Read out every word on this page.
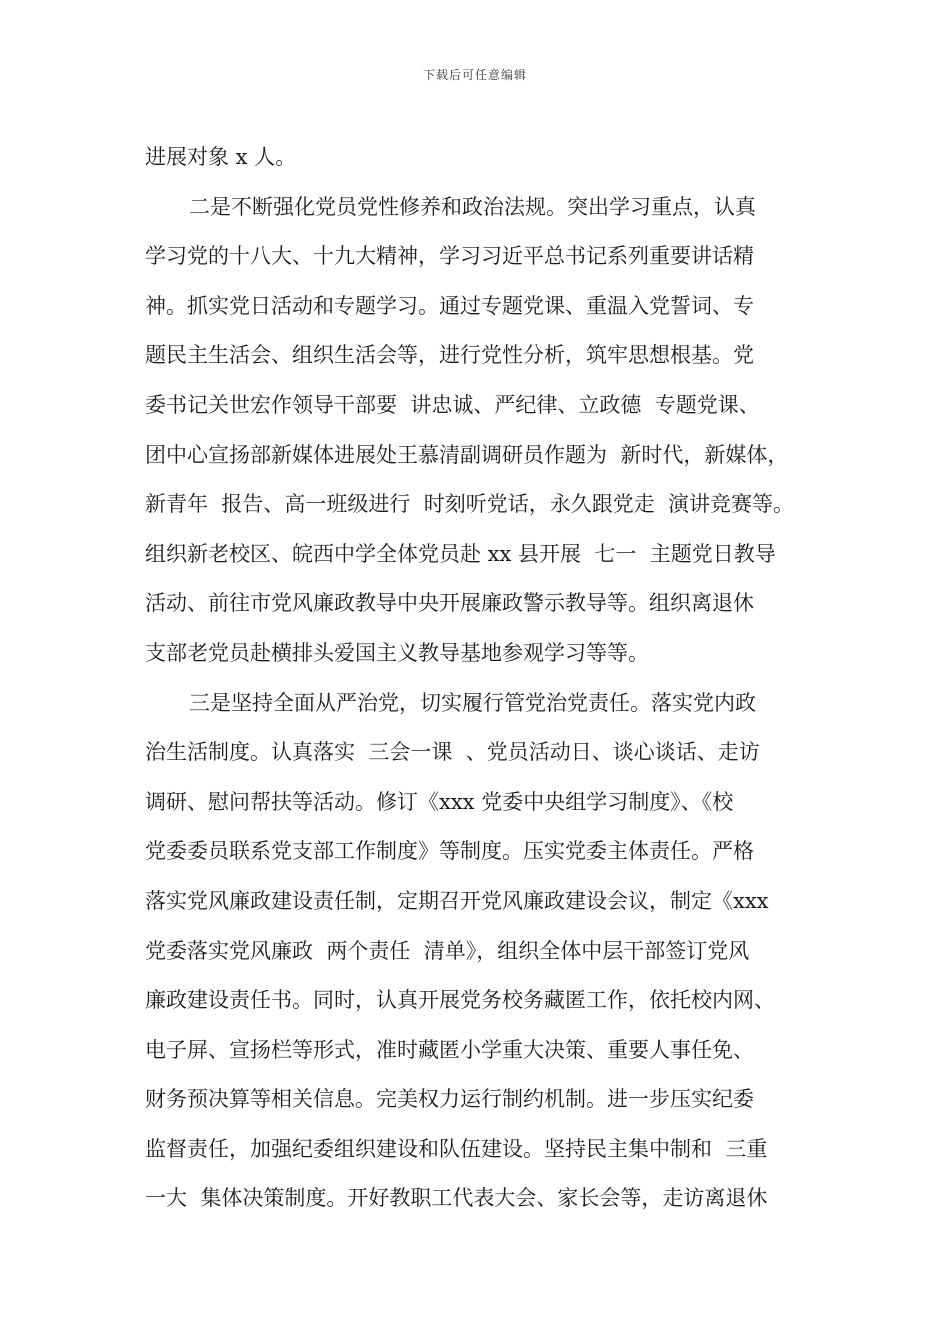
下载后可任意编辑
进展对象 x 人。
二是不断强化党员党性修养和政治法规。突出学习重点，认真
学习党的十八大、十九大精神，学习习近平总书记系列重要讲话精
神。抓实党日活动和专题学习。通过专题党课、重温入党誓词、专
题民主生活会、组织生活会等，进行党性分析，筑牢思想根基。党
委书记关世宏作领导干部要  讲忠诚、严纪律、立政德  专题党课、
团中心宣扬部新媒体进展处王慕清副调研员作题为  新时代，新媒体，
新青年  报告、高一班级进行  时刻听党话，永久跟党走  演讲竞赛等。
组织新老校区、皖西中学全体党员赴 xx 县开展  七一  主题党日教导
活动、前往市党风廉政教导中央开展廉政警示教导等。组织离退休
支部老党员赴横排头爱国主义教导基地参观学习等等。
三是坚持全面从严治党，切实履行管党治党责任。落实党内政
治生活制度。认真落实  三会一课  、党员活动日、谈心谈话、走访
调研、慰问帮扶等活动。修订《xxx 党委中央组学习制度》、《校
党委委员联系党支部工作制度》等制度。压实党委主体责任。严格
落实党风廉政建设责任制，定期召开党风廉政建设会议，制定《xxx
党委落实党风廉政  两个责任  清单》，组织全体中层干部签订党风
廉政建设责任书。同时，认真开展党务校务藏匿工作，依托校内网、
电子屏、宣扬栏等形式，准时藏匿小学重大决策、重要人事任免、
财务预决算等相关信息。完美权力运行制约机制。进一步压实纪委
监督责任，加强纪委组织建设和队伍建设。坚持民主集中制和  三重
一大  集体决策制度。开好教职工代表大会、家长会等，走访离退休
